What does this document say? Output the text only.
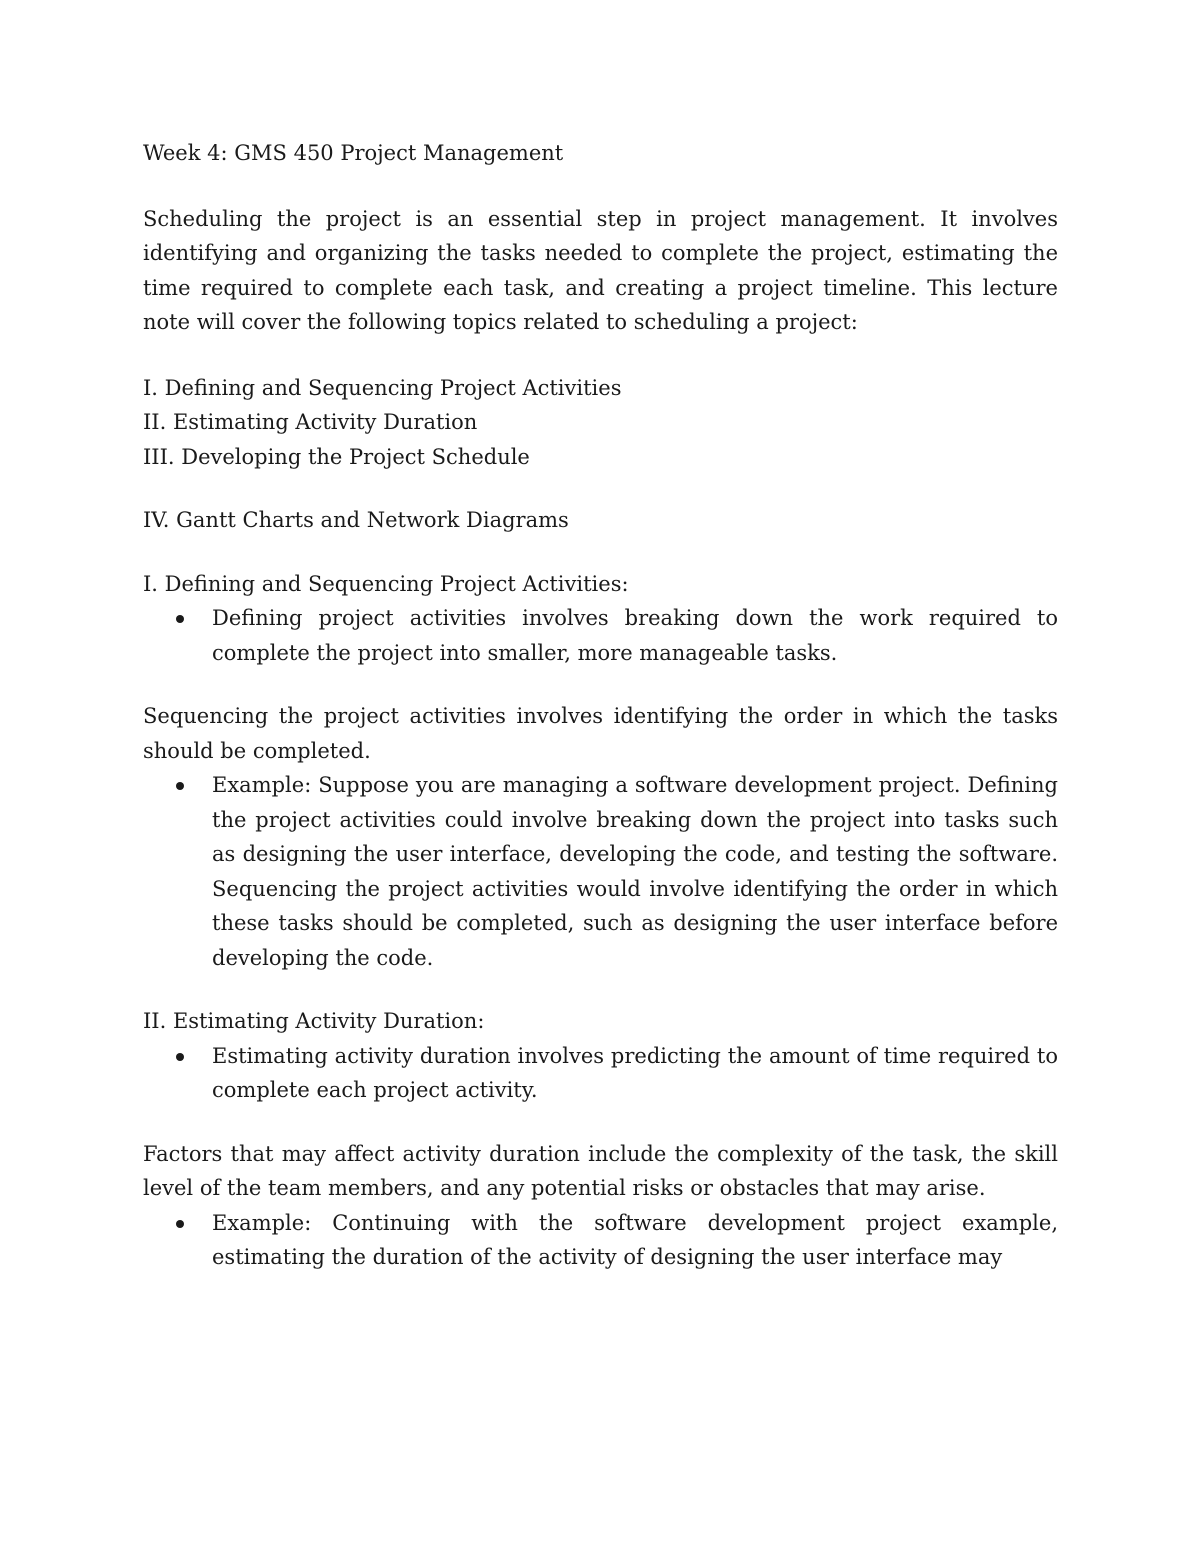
Week 4: GMS 450 Project Management

Scheduling the project is an essential step in project management. It involves identifying and organizing the tasks needed to complete the project, estimating the time required to complete each task, and creating a project timeline. This lecture note will cover the following topics related to scheduling a project:

I. Defining and Sequencing Project Activities

II. Estimating Activity Duration

III. Developing the Project Schedule

IV. Gantt Charts and Network Diagrams

I. Defining and Sequencing Project Activities:

Defining project activities involves breaking down the work required to complete the project into smaller, more manageable tasks.

Sequencing the project activities involves identifying the order in which the tasks should be completed.

Example: Suppose you are managing a software development project. Defining the project activities could involve breaking down the project into tasks such as designing the user interface, developing the code, and testing the software. Sequencing the project activities would involve identifying the order in which these tasks should be completed, such as designing the user interface before developing the code.

II. Estimating Activity Duration:

Estimating activity duration involves predicting the amount of time required to complete each project activity.

Factors that may affect activity duration include the complexity of the task, the skill level of the team members, and any potential risks or obstacles that may arise.

Example: Continuing with the software development project example, estimating the duration of the activity of designing the user interface may
